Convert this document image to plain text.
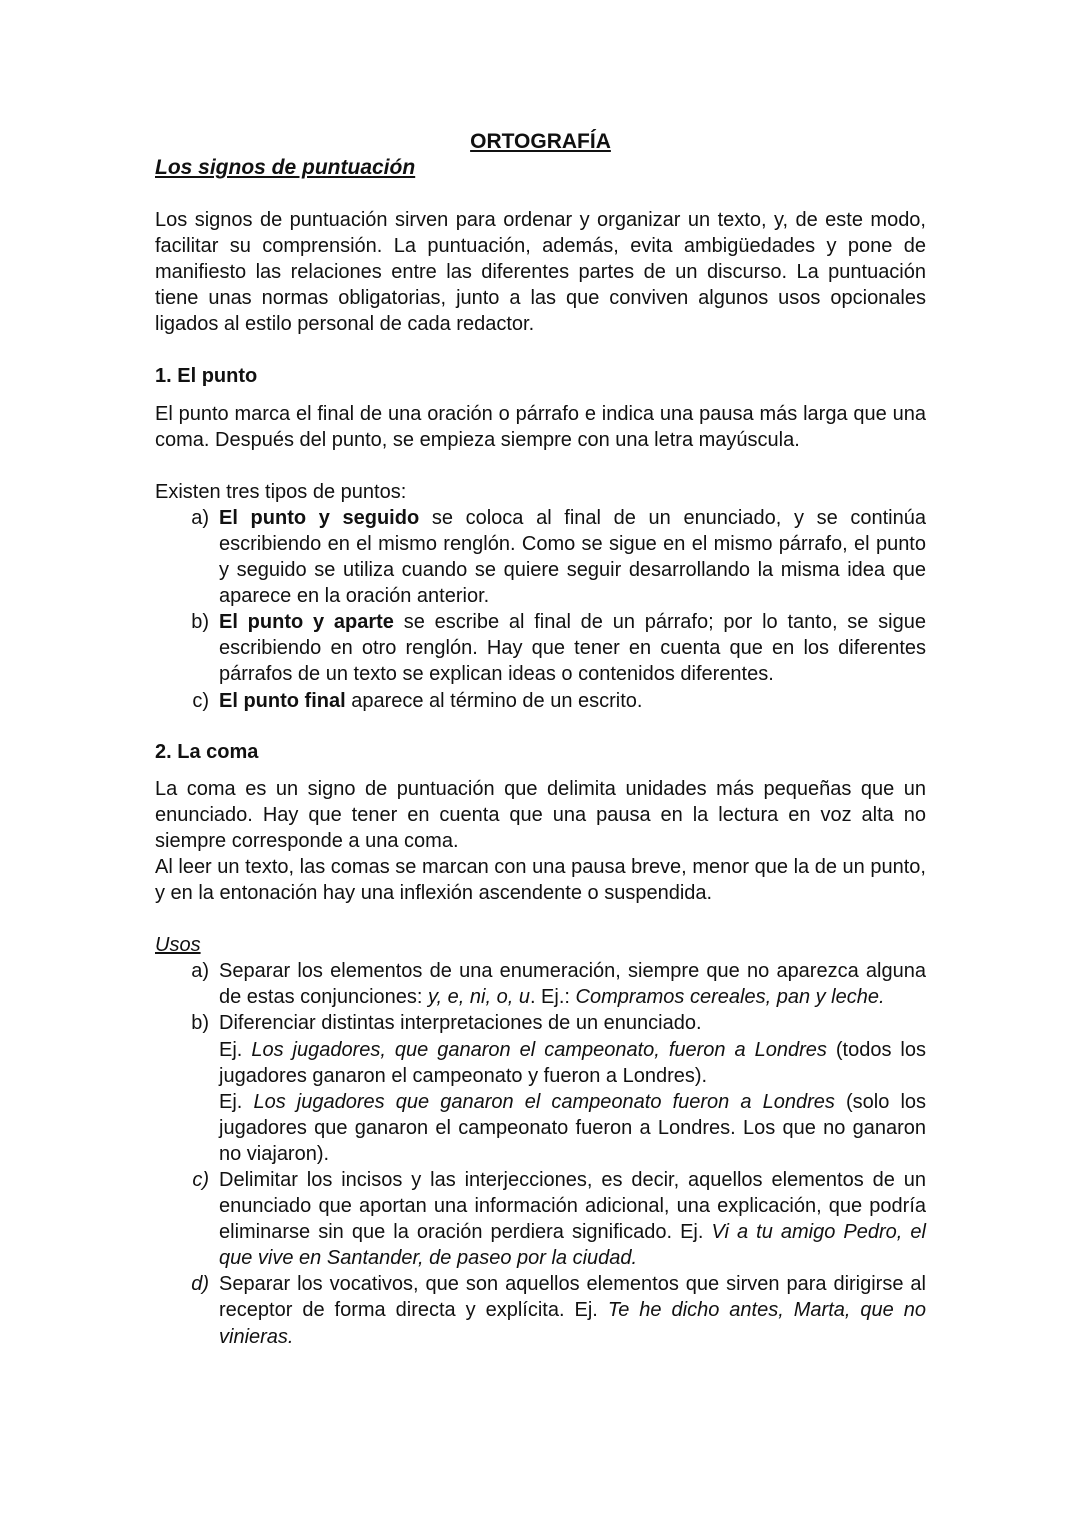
ORTOGRAFÍA
Los signos de puntuación

Los signos de puntuación sirven para ordenar y organizar un texto, y, de este modo, facilitar su comprensión. La puntuación, además, evita ambigüedades y pone de manifiesto las relaciones entre las diferentes partes de un discurso. La puntuación tiene unas normas obligatorias, junto a las que conviven algunos usos opcionales ligados al estilo personal de cada redactor.

1. El punto

El punto marca el final de una oración o párrafo e indica una pausa más larga que una coma. Después del punto, se empieza siempre con una letra mayúscula.

Existen tres tipos de puntos:

a) El punto y seguido se coloca al final de un enunciado, y se continúa escribiendo en el mismo renglón. Como se sigue en el mismo párrafo, el punto y seguido se utiliza cuando se quiere seguir desarrollando la misma idea que aparece en la oración anterior.
b) El punto y aparte se escribe al final de un párrafo; por lo tanto, se sigue escribiendo en otro renglón. Hay que tener en cuenta que en los diferentes párrafos de un texto se explican ideas o contenidos diferentes.
c) El punto final aparece al término de un escrito.
2. La coma

La coma es un signo de puntuación que delimita unidades más pequeñas que un enunciado. Hay que tener en cuenta que una pausa en la lectura en voz alta no siempre corresponde a una coma.

Al leer un texto, las comas se marcan con una pausa breve, menor que la de un punto, y en la entonación hay una inflexión ascendente o suspendida.

Usos

a) Separar los elementos de una enumeración, siempre que no aparezca alguna de estas conjunciones: y, e, ni, o, u. Ej.: Compramos cereales, pan y leche.
b) Diferenciar distintas interpretaciones de un enunciado.
Ej. Los jugadores, que ganaron el campeonato, fueron a Londres (todos los jugadores ganaron el campeonato y fueron a Londres).
Ej. Los jugadores que ganaron el campeonato fueron a Londres (solo los jugadores que ganaron el campeonato fueron a Londres. Los que no ganaron no viajaron).
c) Delimitar los incisos y las interjecciones, es decir, aquellos elementos de un enunciado que aportan una información adicional, una explicación, que podría eliminarse sin que la oración perdiera significado. Ej. Vi a tu amigo Pedro, el que vive en Santander, de paseo por la ciudad.
d) Separar los vocativos, que son aquellos elementos que sirven para dirigirse al receptor de forma directa y explícita. Ej. Te he dicho antes, Marta, que no vinieras.
